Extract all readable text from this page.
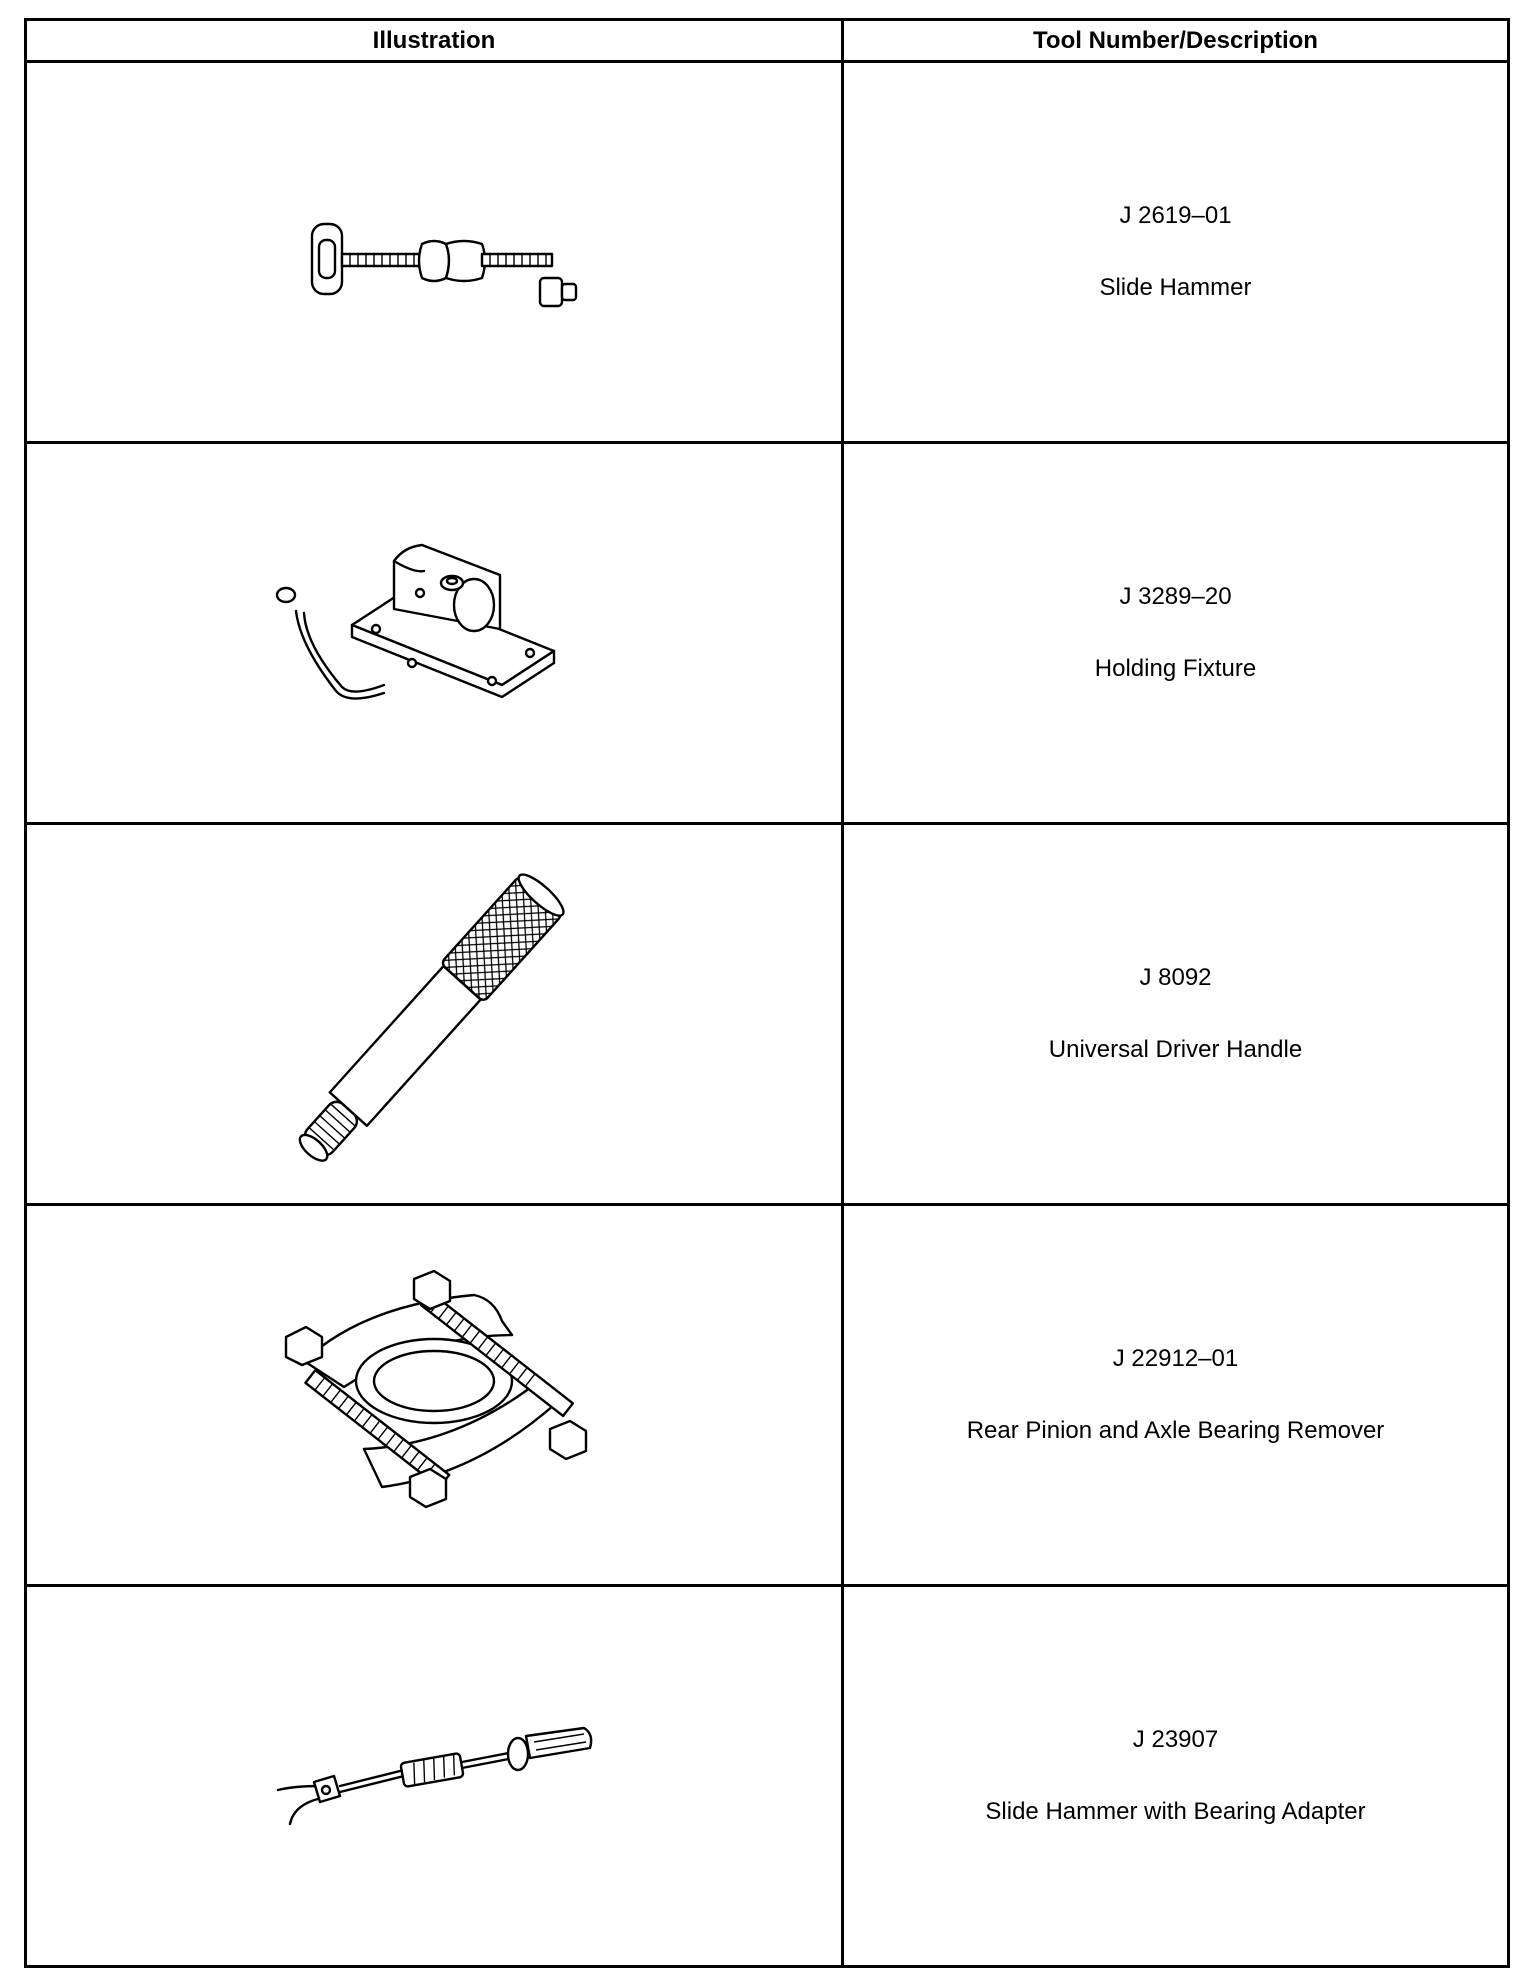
Illustration	Tool Number/Description

J 2619–01
Slide Hammer

J 3289–20
Holding Fixture

J 8092
Universal Driver Handle

J 22912–01
Rear Pinion and Axle Bearing Remover

J 23907
Slide Hammer with Bearing Adapter
